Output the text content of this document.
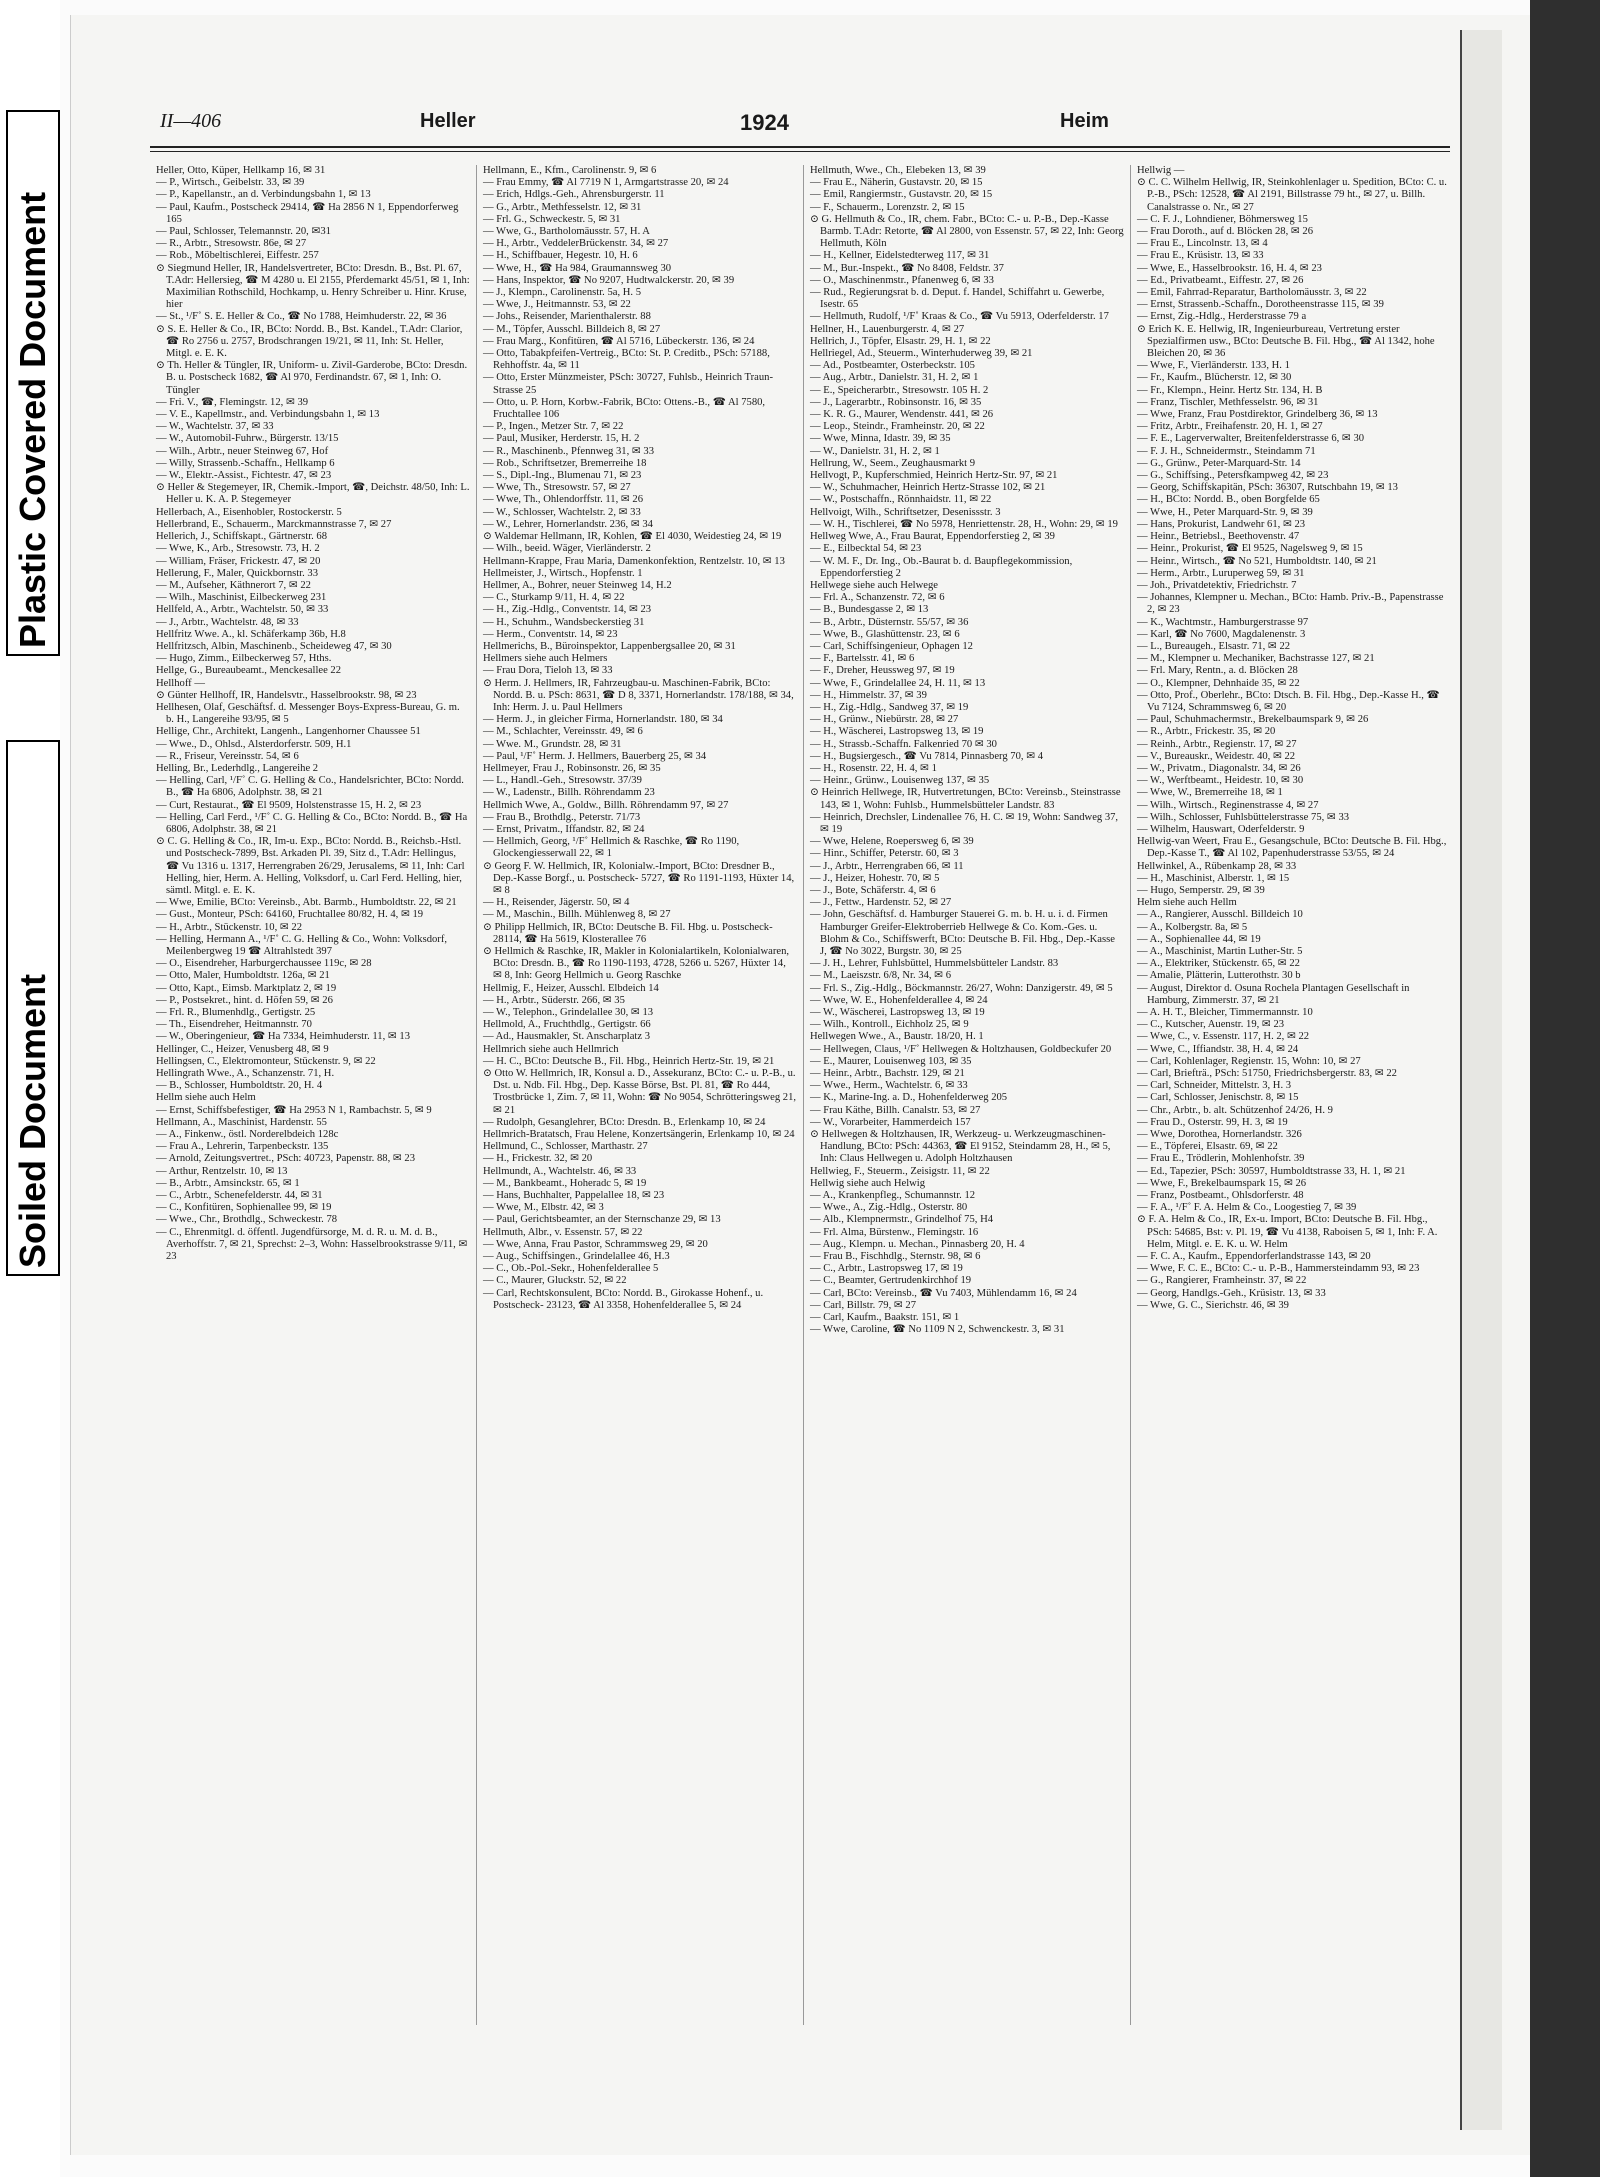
Plastic Covered Document
Soiled Document
II—406	Heller	1924	Heim

Heller, Otto, Küper, Hellkamp 16, ✉ 31

— P., Wirtsch., Geibelstr. 33, ✉ 39

— P., Kapellanstr., an d. Verbindungsbahn 1, ✉ 13

— Paul, Kaufm., Postscheck 29414, ☎ Ha 2856 N 1, Eppendorferweg 165

— Paul, Schlosser, Telemannstr. 20, ✉31

— R., Arbtr., Stresowstr. 86e, ✉ 27

— Rob., Möbeltischlerei, Eiffestr. 257

⊙ Siegmund Heller, IR, Handelsvertreter, BCto: Dresdn. B., Bst. Pl. 67, T.Adr: Hellersieg, ☎ M 4280 u. El 2155, Pferdemarkt 45/51, ✉ 1, Inh: Maximilian Rothschild, Hochkamp, u. Henry Schreiber u. Hinr. Kruse, hier

— St., ¹/F˚ S. E. Heller & Co., ☎ No 1788, Heimhuderstr. 22, ✉ 36

⊙ S. E. Heller & Co., IR, BCto: Nordd. B., Bst. Kandel., T.Adr: Clarior, ☎ Ro 2756 u. 2757, Brodschrangen 19/21, ✉ 11, Inh: St. Heller, Mitgl. e. E. K.

⊙ Th. Heller & Tüngler, IR, Uniform- u. Zivil-Garderobe, BCto: Dresdn. B. u. Postscheck 1682, ☎ Al 970, Ferdinandstr. 67, ✉ 1, Inh: O. Tüngler

— Fri. V., ☎, Flemingstr. 12, ✉ 39

— V. E., Kapellmstr., and. Verbindungsbahn 1, ✉ 13

— W., Wachtelstr. 37, ✉ 33

— W., Automobil-Fuhrw., Bürgerstr. 13/15

— Wilh., Arbtr., neuer Steinweg 67, Hof

— Willy, Strassenb.-Schaffn., Hellkamp 6

— W., Elektr.-Assist., Fichtestr. 47, ✉ 23

⊙ Heller & Stegemeyer, IR, Chemik.-Import, ☎, Deichstr. 48/50, Inh: L. Heller u. K. A. P. Stegemeyer

Hellerbach, A., Eisenhobler, Rostockerstr. 5

Hellerbrand, E., Schauerm., Marckmannstrasse 7, ✉ 27

Hellerich, J., Schiffskapt., Gärtnerstr. 68

— Wwe, K., Arb., Stresowstr. 73, H. 2

— William, Fräser, Frickestr. 47, ✉ 20

Hellerung, F., Maler, Quickbornstr. 33

— M., Aufseher, Käthnerort 7, ✉ 22

— Wilh., Maschinist, Eilbeckerweg 231

Hellfeld, A., Arbtr., Wachtelstr. 50, ✉ 33

— J., Arbtr., Wachtelstr. 48, ✉ 33

Hellfritz Wwe. A., kl. Schäferkamp 36b, H.8

Hellfritzsch, Albin, Maschinenb., Scheideweg 47, ✉ 30

— Hugo, Zimm., Eilbeckerweg 57, Hths.

Hellge, G., Bureaubeamt., Menckesallee 22

Hellhoff —

⊙ Günter Hellhoff, IR, Handelsvtr., Hasselbrookstr. 98, ✉ 23

Hellhesen, Olaf, Geschäftsf. d. Messenger Boys-Express-Bureau, G. m. b. H., Langereihe 93/95, ✉ 5

Hellige, Chr., Architekt, Langenh., Langenhorner Chaussee 51

— Wwe., D., Ohlsd., Alsterdorferstr. 509, H.1

— R., Friseur, Vereinsstr. 54, ✉ 6

Helling, Br., Lederhdlg., Langereihe 2

— Helling, Carl, ¹/F˚ C. G. Helling & Co., Handelsrichter, BCto: Nordd. B., ☎ Ha 6806, Adolphstr. 38, ✉ 21

— Curt, Restaurat., ☎ El 9509, Holstenstrasse 15, H. 2, ✉ 23

— Helling, Carl Ferd., ¹/F˚ C. G. Helling & Co., BCto: Nordd. B., ☎ Ha 6806, Adolphstr. 38, ✉ 21

⊙ C. G. Helling & Co., IR, Im-u. Exp., BCto: Nordd. B., Reichsb.-Hstl. und Postscheck-7899, Bst. Arkaden Pl. 39, Sitz d., T.Adr: Hellingus, ☎ Vu 1316 u. 1317, Herrengraben 26/29, Jerusalems, ✉ 11, Inh: Carl Helling, hier, Herm. A. Helling, Volksdorf, u. Carl Ferd. Helling, hier, sämtl. Mitgl. e. E. K.

— Wwe, Emilie, BCto: Vereinsb., Abt. Barmb., Humboldtstr. 22, ✉ 21

— Gust., Monteur, PSch: 64160, Fruchtallee 80/82, H. 4, ✉ 19

— H., Arbtr., Stückenstr. 10, ✉ 22

— Helling, Hermann A., ¹/F˚ C. G. Helling & Co., Wohn: Volksdorf, Meilenbergweg 19 ☎ Altrahlstedt 397

— O., Eisendreher, Harburgerchaussee 119c, ✉ 28

— Otto, Maler, Humboldtstr. 126a, ✉ 21

— Otto, Kapt., Eimsb. Marktplatz 2, ✉ 19

— P., Postsekret., hint. d. Höfen 59, ✉ 26

— Frl. R., Blumenhdlg., Gertigstr. 25

— Th., Eisendreher, Heitmannstr. 70

— W., Oberingenieur, ☎ Ha 7334, Heimhuderstr. 11, ✉ 13

Hellinger, C., Heizer, Venusberg 48, ✉ 9

Hellingsen, C., Elektromonteur, Stückenstr. 9, ✉ 22

Hellingrath Wwe., A., Schanzenstr. 71, H.

— B., Schlosser, Humboldtstr. 20, H. 4

Hellm siehe auch Helm

— Ernst, Schiffsbefestiger, ☎ Ha 2953 N 1, Rambachstr. 5, ✉ 9

Hellmann, A., Maschinist, Hardenstr. 55

— A., Finkenw., östl. Norderelbdeich 128c

— Frau A., Lehrerin, Tarpenbeckstr. 135

— Arnold, Zeitungsvertret., PSch: 40723, Papenstr. 88, ✉ 23

— Arthur, Rentzelstr. 10, ✉ 13

— B., Arbtr., Amsinckstr. 65, ✉ 1

— C., Arbtr., Schenefelderstr. 44, ✉ 31

— C., Konfitüren, Sophienallee 99, ✉ 19

— Wwe., Chr., Brothdlg., Schweckestr. 78

— C., Ehrenmitgl. d. öffentl. Jugendfürsorge, M. d. R. u. M. d. B., Averhoffstr. 7, ✉ 21, Sprechst: 2–3, Wohn: Hasselbrookstrasse 9/11, ✉ 23

Hellmann, E., Kfm., Carolinenstr. 9, ✉ 6

— Frau Emmy, ☎ Al 7719 N 1, Armgartstrasse 20, ✉ 24

— Erich, Hdlgs.-Geh., Ahrensburgerstr. 11

— G., Arbtr., Methfesselstr. 12, ✉ 31

— Frl. G., Schweckestr. 5, ✉ 31

— Wwe, G., Bartholomäusstr. 57, H. A

— H., Arbtr., VeddelerBrückenstr. 34, ✉ 27

— H., Schiffbauer, Hegestr. 10, H. 6

— Wwe, H., ☎ Ha 984, Graumannsweg 30

— Hans, Inspektor, ☎ No 9207, Hudtwalckerstr. 20, ✉ 39

— J., Klempn., Carolinenstr. 5a, H. 5

— Wwe, J., Heitmannstr. 53, ✉ 22

— Johs., Reisender, Marienthalerstr. 88

— M., Töpfer, Ausschl. Billdeich 8, ✉ 27

— Frau Marg., Konfitüren, ☎ Al 5716, Lübeckerstr. 136, ✉ 24

— Otto, Tabakpfeifen-Vertreig., BCto: St. P. Creditb., PSch: 57188, Rehhoffstr. 4a, ✉ 11

— Otto, Erster Münzmeister, PSch: 30727, Fuhlsb., Heinrich Traun-Strasse 25

— Otto, u. P. Horn, Korbw.-Fabrik, BCto: Ottens.-B., ☎ Al 7580, Fruchtallee 106

— P., Ingen., Metzer Str. 7, ✉ 22

— Paul, Musiker, Herderstr. 15, H. 2

— R., Maschinenb., Pfennweg 31, ✉ 33

— Rob., Schriftsetzer, Bremerreihe 18

— S., Dipl.-Ing., Blumenau 71, ✉ 23

— Wwe, Th., Stresowstr. 57, ✉ 27

— Wwe, Th., Ohlendorffstr. 11, ✉ 26

— W., Schlosser, Wachtelstr. 2, ✉ 33

— W., Lehrer, Hornerlandstr. 236, ✉ 34

⊙ Waldemar Hellmann, IR, Kohlen, ☎ El 4030, Weidestieg 24, ✉ 19

— Wilh., beeid. Wäger, Vierländerstr. 2

Hellmann-Krappe, Frau Maria, Damenkonfektion, Rentzelstr. 10, ✉ 13

Hellmeister, J., Wirtsch., Hopfenstr. 1

Hellmer, A., Bohrer, neuer Steinweg 14, H.2

— C., Sturkamp 9/11, H. 4, ✉ 22

— H., Zig.-Hdlg., Conventstr. 14, ✉ 23

— H., Schuhm., Wandsbeckerstieg 31

— Herm., Conventstr. 14, ✉ 23

Hellmerichs, B., Büroinspektor, Lappenbergsallee 20, ✉ 31

Hellmers siehe auch Helmers

— Frau Dora, Tieloh 13, ✉ 33

⊙ Herm. J. Hellmers, IR, Fahrzeugbau-u. Maschinen-Fabrik, BCto: Nordd. B. u. PSch: 8631, ☎ D 8, 3371, Hornerlandstr. 178/188, ✉ 34, Inh: Herm. J. u. Paul Hellmers

— Herm. J., in gleicher Firma, Hornerlandstr. 180, ✉ 34

— M., Schlachter, Vereinsstr. 49, ✉ 6

— Wwe. M., Grundstr. 28, ✉ 31

— Paul, ¹/F˚ Herm. J. Hellmers, Bauerberg 25, ✉ 34

Hellmeyer, Frau J., Robinsonstr. 26, ✉ 35

— L., Handl.-Geh., Stresowstr. 37/39

— W., Ladenstr., Billh. Röhrendamm 23

Hellmich Wwe, A., Goldw., Billh. Röhrendamm 97, ✉ 27

— Frau B., Brothdlg., Peterstr. 71/73

— Ernst, Privatm., Iffandstr. 82, ✉ 24

— Hellmich, Georg, ¹/F˚ Hellmich & Raschke, ☎ Ro 1190, Glockengiesserwall 22, ✉ 1

⊙ Georg F. W. Hellmich, IR, Kolonialw.-Import, BCto: Dresdner B., Dep.-Kasse Borgf., u. Postscheck- 5727, ☎ Ro 1191-1193, Hüxter 14, ✉ 8

— H., Reisender, Jägerstr. 50, ✉ 4

— M., Maschin., Billh. Mühlenweg 8, ✉ 27

⊙ Philipp Hellmich, IR, BCto: Deutsche B. Fil. Hbg. u. Postscheck- 28114, ☎ Ha 5619, Klosterallee 76

⊙ Hellmich & Raschke, IR, Makler in Kolonialartikeln, Kolonialwaren, BCto: Dresdn. B., ☎ Ro 1190-1193, 4728, 5266 u. 5267, Hüxter 14, ✉ 8, Inh: Georg Hellmich u. Georg Raschke

Hellmig, F., Heizer, Ausschl. Elbdeich 14

— H., Arbtr., Süderstr. 266, ✉ 35

— W., Telephon., Grindelallee 30, ✉ 13

Hellmold, A., Fruchthdlg., Gertigstr. 66

— Ad., Hausmakler, St. Anscharplatz 3

Hellmrich siehe auch Hellmrich

— H. C., BCto: Deutsche B., Fil. Hbg., Heinrich Hertz-Str. 19, ✉ 21

⊙ Otto W. Hellmrich, IR, Konsul a. D., Assekuranz, BCto: C.- u. P.-B., u. Dst. u. Ndb. Fil. Hbg., Dep. Kasse Börse, Bst. Pl. 81, ☎ Ro 444, Trostbrücke 1, Zim. 7, ✉ 11, Wohn: ☎ No 9054, Schrötteringsweg 21, ✉ 21

— Rudolph, Gesanglehrer, BCto: Dresdn. B., Erlenkamp 10, ✉ 24

Hellmrich-Bratatsch, Frau Helene, Konzertsängerin, Erlenkamp 10, ✉ 24

Hellmund, C., Schlosser, Marthastr. 27

— H., Frickestr. 32, ✉ 20

Hellmundt, A., Wachtelstr. 46, ✉ 33

— M., Bankbeamt., Hoheradc 5, ✉ 19

— Hans, Buchhalter, Pappelallee 18, ✉ 23

— Wwe, M., Elbstr. 42, ✉ 3

— Paul, Gerichtsbeamter, an der Sternschanze 29, ✉ 13

Hellmuth, Albr., v. Essenstr. 57, ✉ 22

— Wwe, Anna, Frau Pastor, Schrammsweg 29, ✉ 20

— Aug., Schiffsingen., Grindelallee 46, H.3

— C., Ob.-Pol.-Sekr., Hohenfelderallee 5

— C., Maurer, Gluckstr. 52, ✉ 22

— Carl, Rechtskonsulent, BCto: Nordd. B., Girokasse Hohenf., u. Postscheck- 23123, ☎ Al 3358, Hohenfelderallee 5, ✉ 24

Hellmuth, Wwe., Ch., Elebeken 13, ✉ 39

— Frau E., Näherin, Gustavstr. 20, ✉ 15

— Emil, Rangiermstr., Gustavstr. 20, ✉ 15

— F., Schauerm., Lorenzstr. 2, ✉ 15

⊙ G. Hellmuth & Co., IR, chem. Fabr., BCto: C.- u. P.-B., Dep.-Kasse Barmb. T.Adr: Retorte, ☎ Al 2800, von Essenstr. 57, ✉ 22, Inh: Georg Hellmuth, Köln

— H., Kellner, Eidelstedterweg 117, ✉ 31

— M., Bur.-Inspekt., ☎ No 8408, Feldstr. 37

— O., Maschinenmstr., Pfanenweg 6, ✉ 33

— Rud., Regierungsrat b. d. Deput. f. Handel, Schiffahrt u. Gewerbe, Isestr. 65

— Hellmuth, Rudolf, ¹/F˚ Kraas & Co., ☎ Vu 5913, Oderfelderstr. 17

Hellner, H., Lauenburgerstr. 4, ✉ 27

Hellrich, J., Töpfer, Elsastr. 29, H. 1, ✉ 22

Hellriegel, Ad., Steuerm., Winterhuderweg 39, ✉ 21

— Ad., Postbeamter, Osterbeckstr. 105

— Aug., Arbtr., Danielstr. 31, H. 2, ✉ 1

— E., Speicherarbtr., Stresowstr. 105 H. 2

— J., Lagerarbtr., Robinsonstr. 16, ✉ 35

— K. R. G., Maurer, Wendenstr. 441, ✉ 26

— Leop., Steindr., Framheinstr. 20, ✉ 22

— Wwe, Minna, Idastr. 39, ✉ 35

— W., Danielstr. 31, H. 2, ✉ 1

Hellrung, W., Seem., Zeughausmarkt 9

Hellvogt, P., Kupferschmied, Heinrich Hertz-Str. 97, ✉ 21

— W., Schuhmacher, Heinrich Hertz-Strasse 102, ✉ 21

— W., Postschaffn., Rönnhaidstr. 11, ✉ 22

Hellvoigt, Wilh., Schriftsetzer, Desenissstr. 3

— W. H., Tischlerei, ☎ No 5978, Henriettenstr. 28, H., Wohn: 29, ✉ 19

Hellweg Wwe, A., Frau Baurat, Eppendorferstieg 2, ✉ 39

— E., Eilbecktal 54, ✉ 23

— W. M. F., Dr. Ing., Ob.-Baurat b. d. Baupflegekommission, Eppendorferstieg 2

Hellwege siehe auch Helwege

— Frl. A., Schanzenstr. 72, ✉ 6

— B., Bundesgasse 2, ✉ 13

— B., Arbtr., Düsternstr. 55/57, ✉ 36

— Wwe, B., Glashüttenstr. 23, ✉ 6

— Carl, Schiffsingenieur, Ophagen 12

— F., Bartelsstr. 41, ✉ 6

— F., Dreher, Heussweg 97, ✉ 19

— Wwe, F., Grindelallee 24, H. 11, ✉ 13

— H., Himmelstr. 37, ✉ 39

— H., Zig.-Hdlg., Sandweg 37, ✉ 19

— H., Grünw., Niebürstr. 28, ✉ 27

— H., Wäscherei, Lastropsweg 13, ✉ 19

— H., Strassb.-Schaffn. Falkenried 70 ✉ 30

— H., Bugsiergesch., ☎ Vu 7814, Pinnasberg 70, ✉ 4

— H., Rosenstr. 22, H. 4, ✉ 1

— Heinr., Grünw., Louisenweg 137, ✉ 35

⊙ Heinrich Hellwege, IR, Hutvertretungen, BCto: Vereinsb., Steinstrasse 143, ✉ 1, Wohn: Fuhlsb., Hummelsbütteler Landstr. 83

— Heinrich, Drechsler, Lindenallee 76, H. C. ✉ 19, Wohn: Sandweg 37, ✉ 19

— Wwe, Helene, Roepersweg 6, ✉ 39

— Hinr., Schiffer, Peterstr. 60, ✉ 3

— J., Arbtr., Herrengraben 66, ✉ 11

— J., Heizer, Hohestr. 70, ✉ 5

— J., Bote, Schäferstr. 4, ✉ 6

— J., Fettw., Hardenstr. 52, ✉ 27

— John, Geschäftsf. d. Hamburger Stauerei G. m. b. H. u. i. d. Firmen Hamburger Greifer-Elektroberrieb Hellwege & Co. Kom.-Ges. u. Blohm & Co., Schiffswerft, BCto: Deutsche B. Fil. Hbg., Dep.-Kasse J, ☎ No 3022, Burgstr. 30, ✉ 25

— J. H., Lehrer, Fuhlsbüttel, Hummelsbütteler Landstr. 83

— M., Laeiszstr. 6/8, Nr. 34, ✉ 6

— Frl. S., Zig.-Hdlg., Böckmannstr. 26/27, Wohn: Danzigerstr. 49, ✉ 5

— Wwe, W. E., Hohenfelderallee 4, ✉ 24

— W., Wäscherei, Lastropsweg 13, ✉ 19

— Wilh., Kontroll., Eichholz 25, ✉ 9

Hellwegen Wwe., A., Baustr. 18/20, H. 1

— Hellwegen, Claus, ¹/F˚ Hellwegen & Holtzhausen, Goldbeckufer 20

— E., Maurer, Louisenweg 103, ✉ 35

— Heinr., Arbtr., Bachstr. 129, ✉ 21

— Wwe., Herm., Wachtelstr. 6, ✉ 33

— K., Marine-Ing. a. D., Hohenfelderweg 205

— Frau Käthe, Billh. Canalstr. 53, ✉ 27

— W., Vorarbeiter, Hammerdeich 157

⊙ Hellwegen & Holtzhausen, IR, Werkzeug- u. Werkzeugmaschinen-Handlung, BCto: PSch: 44363, ☎ El 9152, Steindamm 28, H., ✉ 5, Inh: Claus Hellwegen u. Adolph Holtzhausen

Hellwieg, F., Steuerm., Zeisigstr. 11, ✉ 22

Hellwig siehe auch Helwig

— A., Krankenpfleg., Schumannstr. 12

— Wwe., A., Zig.-Hdlg., Osterstr. 80

— Alb., Klempnermstr., Grindelhof 75, H4

— Frl. Alma, Bürstenw., Flemingstr. 16

— Aug., Klempn. u. Mechan., Pinnasberg 20, H. 4

— Frau B., Fischhdlg., Sternstr. 98, ✉ 6

— C., Arbtr., Lastropsweg 17, ✉ 19

— C., Beamter, Gertrudenkirchhof 19

— Carl, BCto: Vereinsb., ☎ Vu 7403, Mühlendamm 16, ✉ 24

— Carl, Billstr. 79, ✉ 27

— Carl, Kaufm., Baakstr. 151, ✉ 1

— Wwe, Caroline, ☎ No 1109 N 2, Schwenckestr. 3, ✉ 31

Hellwig —

⊙ C. C. Wilhelm Hellwig, IR, Steinkohlenlager u. Spedition, BCto: C. u. P.-B., PSch: 12528, ☎ Al 2191, Billstrasse 79 ht., ✉ 27, u. Billh. Canalstrasse o. Nr., ✉ 27

— C. F. J., Lohndiener, Böhmersweg 15

— Frau Doroth., auf d. Blöcken 28, ✉ 26

— Frau E., Lincolnstr. 13, ✉ 4

— Frau E., Krüsistr. 13, ✉ 33

— Wwe, E., Hasselbrookstr. 16, H. 4, ✉ 23

— Ed., Privatbeamt., Eiffestr. 27, ✉ 26

— Emil, Fahrrad-Reparatur, Bartholomäusstr. 3, ✉ 22

— Ernst, Strassenb.-Schaffn., Dorotheenstrasse 115, ✉ 39

— Ernst, Zig.-Hdlg., Herderstrasse 79 a

⊙ Erich K. E. Hellwig, IR, Ingenieurbureau, Vertretung erster Spezialfirmen usw., BCto: Deutsche B. Fil. Hbg., ☎ Al 1342, hohe Bleichen 20, ✉ 36

— Wwe, F., Vierländerstr. 133, H. 1

— Fr., Kaufm., Blücherstr. 12, ✉ 30

— Fr., Klempn., Heinr. Hertz Str. 134, H. B

— Franz, Tischler, Methfesselstr. 96, ✉ 31

— Wwe, Franz, Frau Postdirektor, Grindelberg 36, ✉ 13

— Fritz, Arbtr., Freihafenstr. 20, H. 1, ✉ 27

— F. E., Lagerverwalter, Breitenfelderstrasse 6, ✉ 30

— F. J. H., Schneidermstr., Steindamm 71

— G., Grünw., Peter-Marquard-Str. 14

— G., Schiffsing., Petersfkampweg 42, ✉ 23

— Georg, Schiffskapitän, PSch: 36307, Rutschbahn 19, ✉ 13

— H., BCto: Nordd. B., oben Borgfelde 65

— Wwe, H., Peter Marquard-Str. 9, ✉ 39

— Hans, Prokurist, Landwehr 61, ✉ 23

— Heinr., Betriebsl., Beethovenstr. 47

— Heinr., Prokurist, ☎ El 9525, Nagelsweg 9, ✉ 15

— Heinr., Wirtsch., ☎ No 521, Humboldtstr. 140, ✉ 21

— Herm., Arbtr., Luruperweg 59, ✉ 31

— Joh., Privatdetektiv, Friedrichstr. 7

— Johannes, Klempner u. Mechan., BCto: Hamb. Priv.-B., Papenstrasse 2, ✉ 23

— K., Wachtmstr., Hamburgerstrasse 97

— Karl, ☎ No 7600, Magdalenenstr. 3

— L., Bureaugeh., Elsastr. 71, ✉ 22

— M., Klempner u. Mechaniker, Bachstrasse 127, ✉ 21

— Frl. Mary, Rentn., a. d. Blöcken 28

— O., Klempner, Dehnhaide 35, ✉ 22

— Otto, Prof., Oberlehr., BCto: Dtsch. B. Fil. Hbg., Dep.-Kasse H., ☎ Vu 7124, Schrammsweg 6, ✉ 20

— Paul, Schuhmachermstr., Brekelbaumspark 9, ✉ 26

— R., Arbtr., Frickestr. 35, ✉ 20

— Reinh., Arbtr., Regienstr. 17, ✉ 27

— V., Bureauskr., Weidestr. 40, ✉ 22

— W., Privatm., Diagonalstr. 34, ✉ 26

— W., Werftbeamt., Heidestr. 10, ✉ 30

— Wwe, W., Bremerreihe 18, ✉ 1

— Wilh., Wirtsch., Reginenstrasse 4, ✉ 27

— Wilh., Schlosser, Fuhlsbüttelerstrasse 75, ✉ 33

— Wilhelm, Hauswart, Oderfelderstr. 9

Hellwig-van Weert, Frau E., Gesangschule, BCto: Deutsche B. Fil. Hbg., Dep.-Kasse T., ☎ Al 102, Papenhuderstrasse 53/55, ✉ 24

Hellwinkel, A., Rübenkamp 28, ✉ 33

— H., Maschinist, Alberstr. 1, ✉ 15

— Hugo, Semperstr. 29, ✉ 39

Helm siehe auch Hellm

— A., Rangierer, Ausschl. Billdeich 10

— A., Kolbergstr. 8a, ✉ 5

— A., Sophienallee 44, ✉ 19

— A., Maschinist, Martin Luther-Str. 5

— A., Elektriker, Stückenstr. 65, ✉ 22

— Amalie, Plätterin, Lutterothstr. 30 b

— August, Direktor d. Osuna Rochela Plantagen Gesellschaft in Hamburg, Zimmerstr. 37, ✉ 21

— A. H. T., Bleicher, Timmermannstr. 10

— C., Kutscher, Auenstr. 19, ✉ 23

— Wwe, C., v. Essenstr. 117, H. 2, ✉ 22

— Wwe, C., Iffiandstr. 38, H. 4, ✉ 24

— Carl, Kohlenlager, Regienstr. 15, Wohn: 10, ✉ 27

— Carl, Briefträ., PSch: 51750, Friedrichsbergerstr. 83, ✉ 22

— Carl, Schneider, Mittelstr. 3, H. 3

— Carl, Schlosser, Jenischstr. 8, ✉ 15

— Chr., Arbtr., b. alt. Schützenhof 24/26, H. 9

— Frau D., Osterstr. 99, H. 3, ✉ 19

— Wwe, Dorothea, Hornerlandstr. 326

— E., Töpferei, Elsastr. 69, ✉ 22

— Frau E., Trödlerin, Mohlenhofstr. 39

— Ed., Tapezier, PSch: 30597, Humboldtstrasse 33, H. 1, ✉ 21

— Wwe, F., Brekelbaumspark 15, ✉ 26

— Franz, Postbeamt., Ohlsdorferstr. 48

— F. A., ¹/F˚ F. A. Helm & Co., Loogestieg 7, ✉ 39

⊙ F. A. Helm & Co., IR, Ex-u. Import, BCto: Deutsche B. Fil. Hbg., PSch: 54685, Bst: v. Pl. 19, ☎ Vu 4138, Raboisen 5, ✉ 1, Inh: F. A. Helm, Mitgl. e. E. K. u. W. Helm

— F. C. A., Kaufm., Eppendorferlandstrasse 143, ✉ 20

— Wwe, F. C. E., BCto: C.- u. P.-B., Hammersteindamm 93, ✉ 23

— G., Rangierer, Framheinstr. 37, ✉ 22

— Georg, Handlgs.-Geh., Krüsistr. 13, ✉ 33

— Wwe, G. C., Sierichstr. 46, ✉ 39
